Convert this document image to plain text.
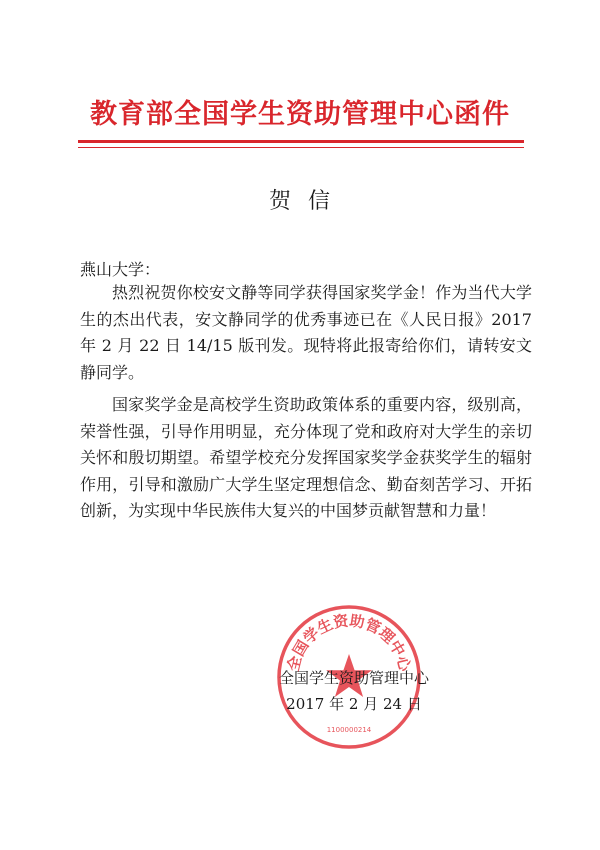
教育部全国学生资助管理中心函件
贺  信
燕山大学：

热烈祝贺你校安文静等同学获得国家奖学金！作为当代大学生的杰出代表，安文静同学的优秀事迹已在《人民日报》2017 年 2 月 22 日 14/15 版刊发。现特将此报寄给你们，请转安文静同学。

国家奖学金是高校学生资助政策体系的重要内容，级别高，荣誉性强，引导作用明显，充分体现了党和政府对大学生的亲切关怀和殷切期望。希望学校充分发挥国家奖学金获奖学生的辐射作用，引导和激励广大学生坚定理想信念、勤奋刻苦学习、开拓创新，为实现中华民族伟大复兴的中国梦贡献智慧和力量！

全国学生资助管理中心
1100000214
全国学生资助管理中心
2017 年 2 月 24 日
